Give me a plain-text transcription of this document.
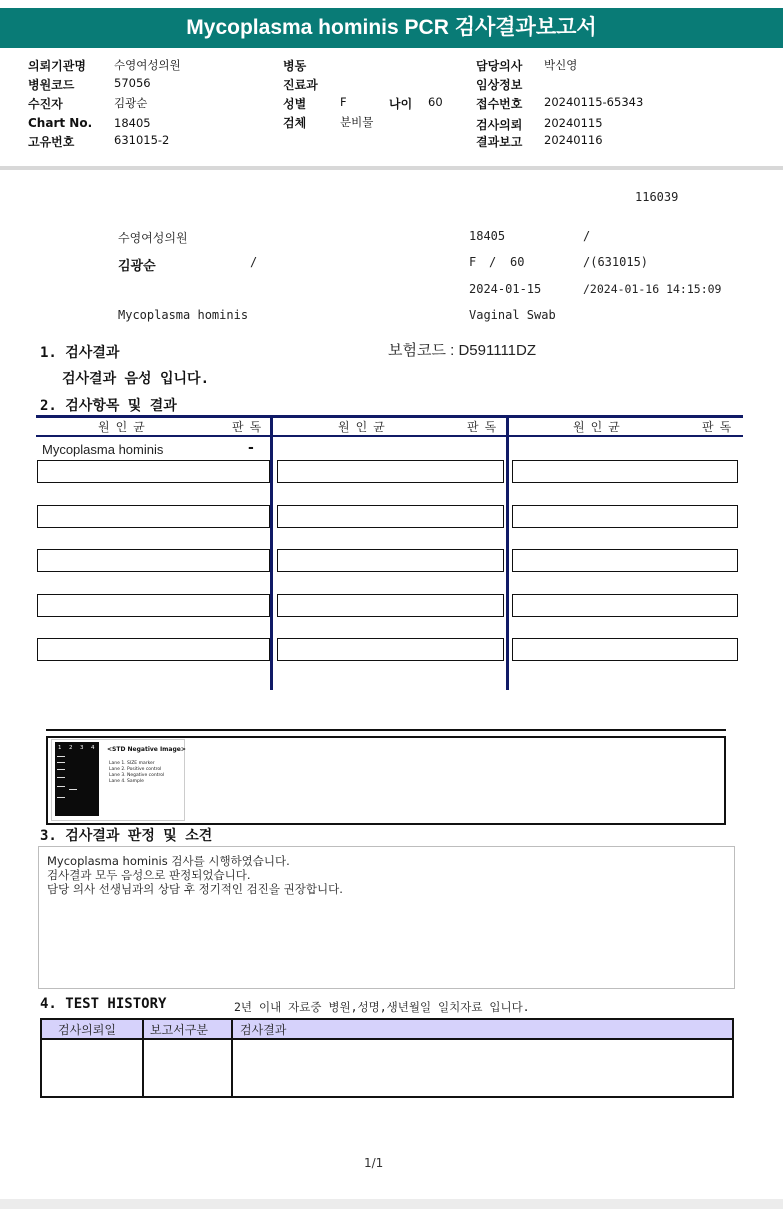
Mycoplasma hominis PCR 검사결과보고서
의뢰기관명 수영여성의원
병원코드	57056
수진자	김광순
Chart No. 18405
고유번호	631015-2
병동
진료과
성별	F	나이 60
검체	분비물
담당의사 박신영
임상정보
접수번호 20240115-65343
검사의뢰 20240115
결과보고 20240116
116039
수영여성의원	18405	/
김광순	/	F / 60	/(631015)
2024-01-15	/2024-01-16 14:15:09
Mycoplasma hominis	Vaginal Swab
1. 검사결과	보험코드 : D591111DZ
검사결과 음성 입니다.
2. 검사항목 및 결과
원인균	판독	원인균	판독	원인균	판독
Mycoplasma hominis	-
1 2 3 4 <STD Negative Image>
Lane 1. SIZE marker
Lane 2. Positive control
Lane 3. Negative control
Lane 4. Sample
3. 검사결과 판정 및 소견
Mycoplasma hominis 검사를 시행하였습니다.
검사결과 모두 음성으로 판정되었습니다.
담당 의사 선생님과의 상담 후 정기적인 검진을 권장합니다.
4. TEST HISTORY	2년 이내 자료중 병원,성명,생년월일 일치자료 입니다.
검사의뢰일	보고서구분	검사결과
1/1
